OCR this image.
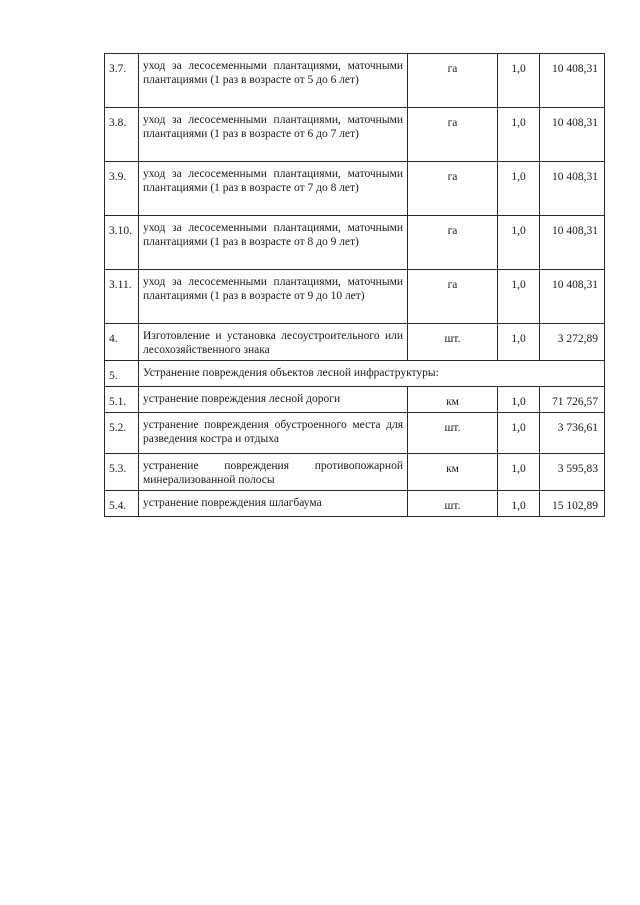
3.7.	уход за лесосеменными плантациями, маточными плантациями (1 раз в возрасте от 5 до 6 лет)	га	1,0	10 408,31
3.8.	уход за лесосеменными плантациями, маточными плантациями (1 раз в возрасте от 6 до 7 лет)	га	1,0	10 408,31
3.9.	уход за лесосеменными плантациями, маточными плантациями (1 раз в возрасте от 7 до 8 лет)	га	1,0	10 408,31
3.10.	уход за лесосеменными плантациями, маточными плантациями (1 раз в возрасте от 8 до 9 лет)	га	1,0	10 408,31
3.11.	уход за лесосеменными плантациями, маточными плантациями (1 раз в возрасте от 9 до 10 лет)	га	1,0	10 408,31
4.	Изготовление и установка лесоустроительного или лесохозяйственного знака	шт.	1,0	3 272,89
5.	Устранение повреждения объектов лесной инфраструктуры:			
5.1.	устранение повреждения лесной дороги	км	1,0	71 726,57
5.2.	устранение повреждения обустроенного места для разведения костра и отдыха	шт.	1,0	3 736,61
5.3.	устранение повреждения противопожарной минерализованной полосы	км	1,0	3 595,83
5.4.	устранение повреждения шлагбаума	шт.	1,0	15 102,89
